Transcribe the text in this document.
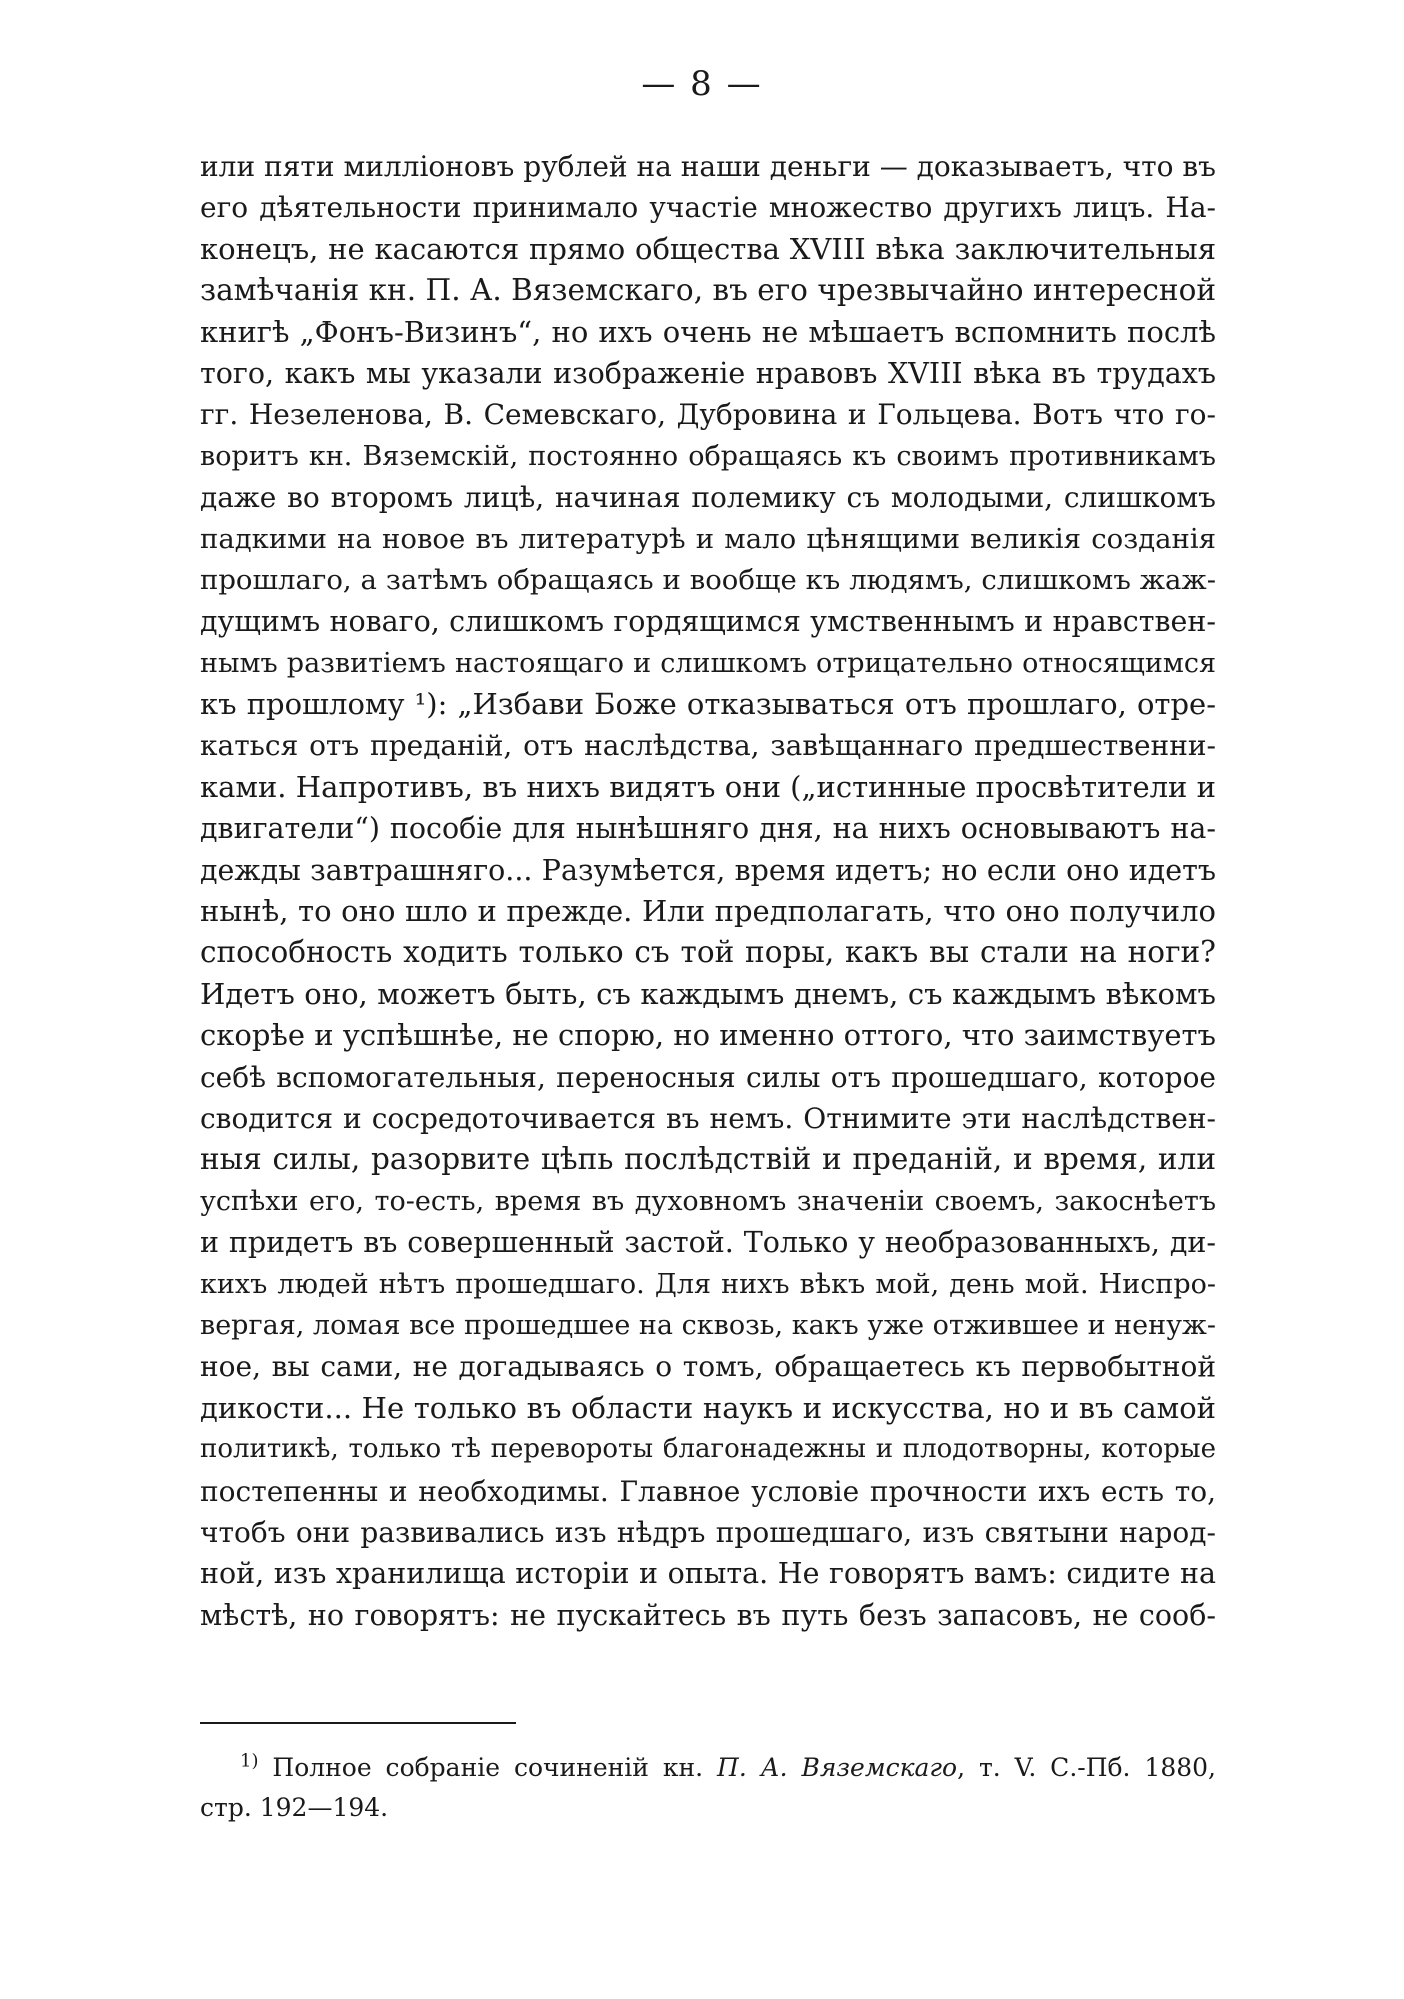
— 8 —
или пяти милліоновъ рублей на наши деньги — доказываетъ, что въ
его дѣятельности принимало участіе множество другихъ лицъ. На-
конецъ, не касаются прямо общества XVIII вѣка заключительныя
замѣчанія кн. П. А. Вяземскаго, въ его чрезвычайно интересной
книгѣ „Фонъ-Визинъ“, но ихъ очень не мѣшаетъ вспомнить послѣ
того, какъ мы указали изображеніе нравовъ XVIII вѣка въ трудахъ
гг. Незеленова, В. Семевскаго, Дубровина и Гольцева. Вотъ что го-
воритъ кн. Вяземскій, постоянно обращаясь къ своимъ противникамъ
даже во второмъ лицѣ, начиная полемику съ молодыми, слишкомъ
падкими на новое въ литературѣ и мало цѣнящими великія созданія
прошлаго, а затѣмъ обращаясь и вообще къ людямъ, слишкомъ жаж-
дущимъ новаго, слишкомъ гордящимся умственнымъ и нравствен-
нымъ развитіемъ настоящаго и слишкомъ отрицательно относящимся
къ прошлому ¹): „Избави Боже отказываться отъ прошлаго, отре-
каться отъ преданій, отъ наслѣдства, завѣщаннаго предшественни-
ками. Напротивъ, въ нихъ видятъ они („истинные просвѣтители и
двигатели“) пособіе для нынѣшняго дня, на нихъ основываютъ на-
дежды завтрашняго... Разумѣется, время идетъ; но если оно идетъ
нынѣ, то оно шло и прежде. Или предполагать, что оно получило
способность ходить только съ той поры, какъ вы стали на ноги?
Идетъ оно, можетъ быть, съ каждымъ днемъ, съ каждымъ вѣкомъ
скорѣе и успѣшнѣе, не спорю, но именно оттого, что заимствуетъ
себѣ вспомогательныя, переносныя силы отъ прошедшаго, которое
сводится и сосредоточивается въ немъ. Отнимите эти наслѣдствен-
ныя силы, разорвите цѣпь послѣдствій и преданій, и время, или
успѣхи его, то-есть, время въ духовномъ значеніи своемъ, закоснѣетъ
и придетъ въ совершенный застой. Только у необразованныхъ, ди-
кихъ людей нѣтъ прошедшаго. Для нихъ вѣкъ мой, день мой. Ниспро-
вергая, ломая все прошедшее на сквозь, какъ уже отжившее и ненуж-
ное, вы сами, не догадываясь о томъ, обращаетесь къ первобытной
дикости... Не только въ области наукъ и искусства, но и въ самой
политикѣ, только тѣ перевороты благонадежны и плодотворны, которые
постепенны и необходимы. Главное условіе прочности ихъ есть то,
чтобъ они развивались изъ нѣдръ прошедшаго, изъ святыни народ-
ной, изъ хранилища исторіи и опыта. Не говорятъ вамъ: сидите на
мѣстѣ, но говорятъ: не пускайтесь въ путь безъ запасовъ, не сооб-
$^{1)}$ Полное собраніе сочиненій кн. П. А. Вяземскаго, т. V. С.-Пб. 1880,
стр. 192—194.
